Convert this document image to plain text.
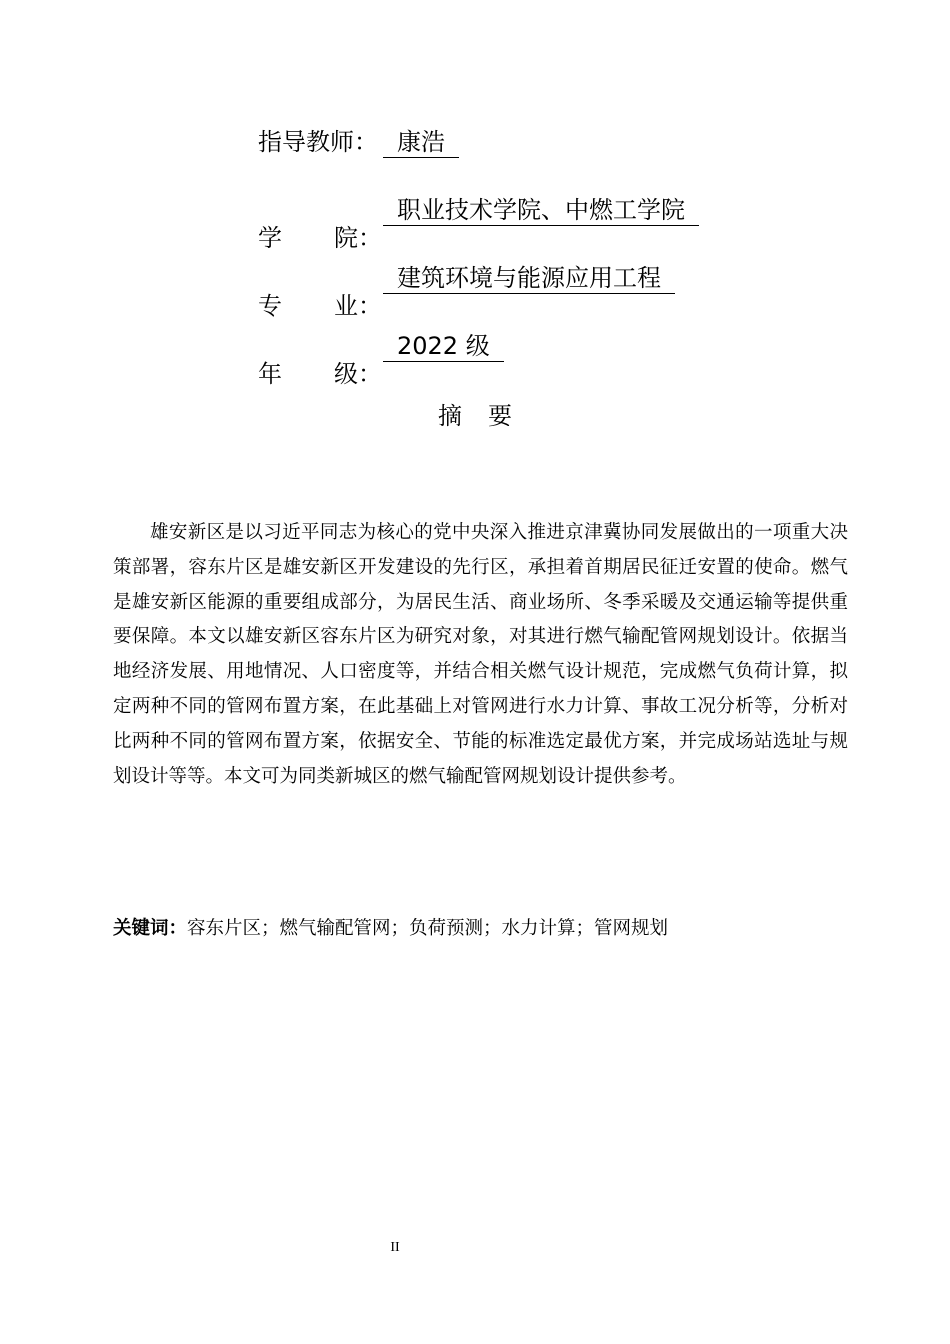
指导教师： 康浩
学 院：
职业技术学院、中燃工学院
专 业：
建筑环境与能源应用工程
年 级：
2022 级
摘要
雄安新区是以习近平同志为核心的党中央深入推进京津冀协同发展做出的一项重大决策部署，容东片区是雄安新区开发建设的先行区，承担着首期居民征迁安置的使命。燃气是雄安新区能源的重要组成部分，为居民生活、商业场所、冬季采暖及交通运输等提供重要保障。本文以雄安新区容东片区为研究对象，对其进行燃气输配管网规划设计。依据当地经济发展、用地情况、人口密度等，并结合相关燃气设计规范，完成燃气负荷计算，拟定两种不同的管网布置方案，在此基础上对管网进行水力计算、事故工况分析等，分析对比两种不同的管网布置方案，依据安全、节能的标准选定最优方案，并完成场站选址与规划设计等等。本文可为同类新城区的燃气输配管网规划设计提供参考。
关键词：容东片区；燃气输配管网；负荷预测；水力计算；管网规划
II
